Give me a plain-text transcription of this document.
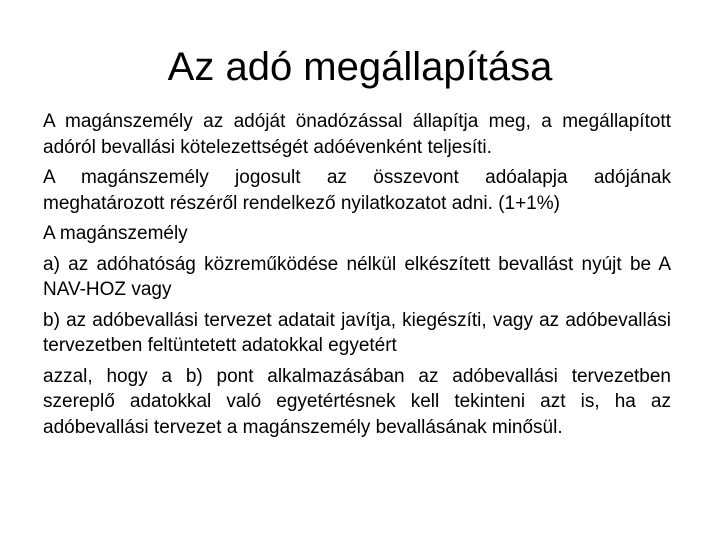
Az adó megállapítása

A magánszemély az adóját önadózással állapítja meg, a megállapított adóról bevallási kötelezettségét adóévenként teljesíti.

A magánszemély jogosult az összevont adóalapja adójának meghatározott részéről rendelkező nyilatkozatot adni. (1+1%)

A magánszemély

a) az adóhatóság közreműködése nélkül elkészített bevallást nyújt be A NAV-HOZ vagy

b) az adóbevallási tervezet adatait javítja, kiegészíti, vagy az adóbevallási tervezetben feltüntetett adatokkal egyetért

azzal, hogy a b) pont alkalmazásában az adóbevallási tervezetben szereplő adatokkal való egyetértésnek kell tekinteni azt is, ha az adóbevallási tervezet a magánszemély bevallásának minősül.
